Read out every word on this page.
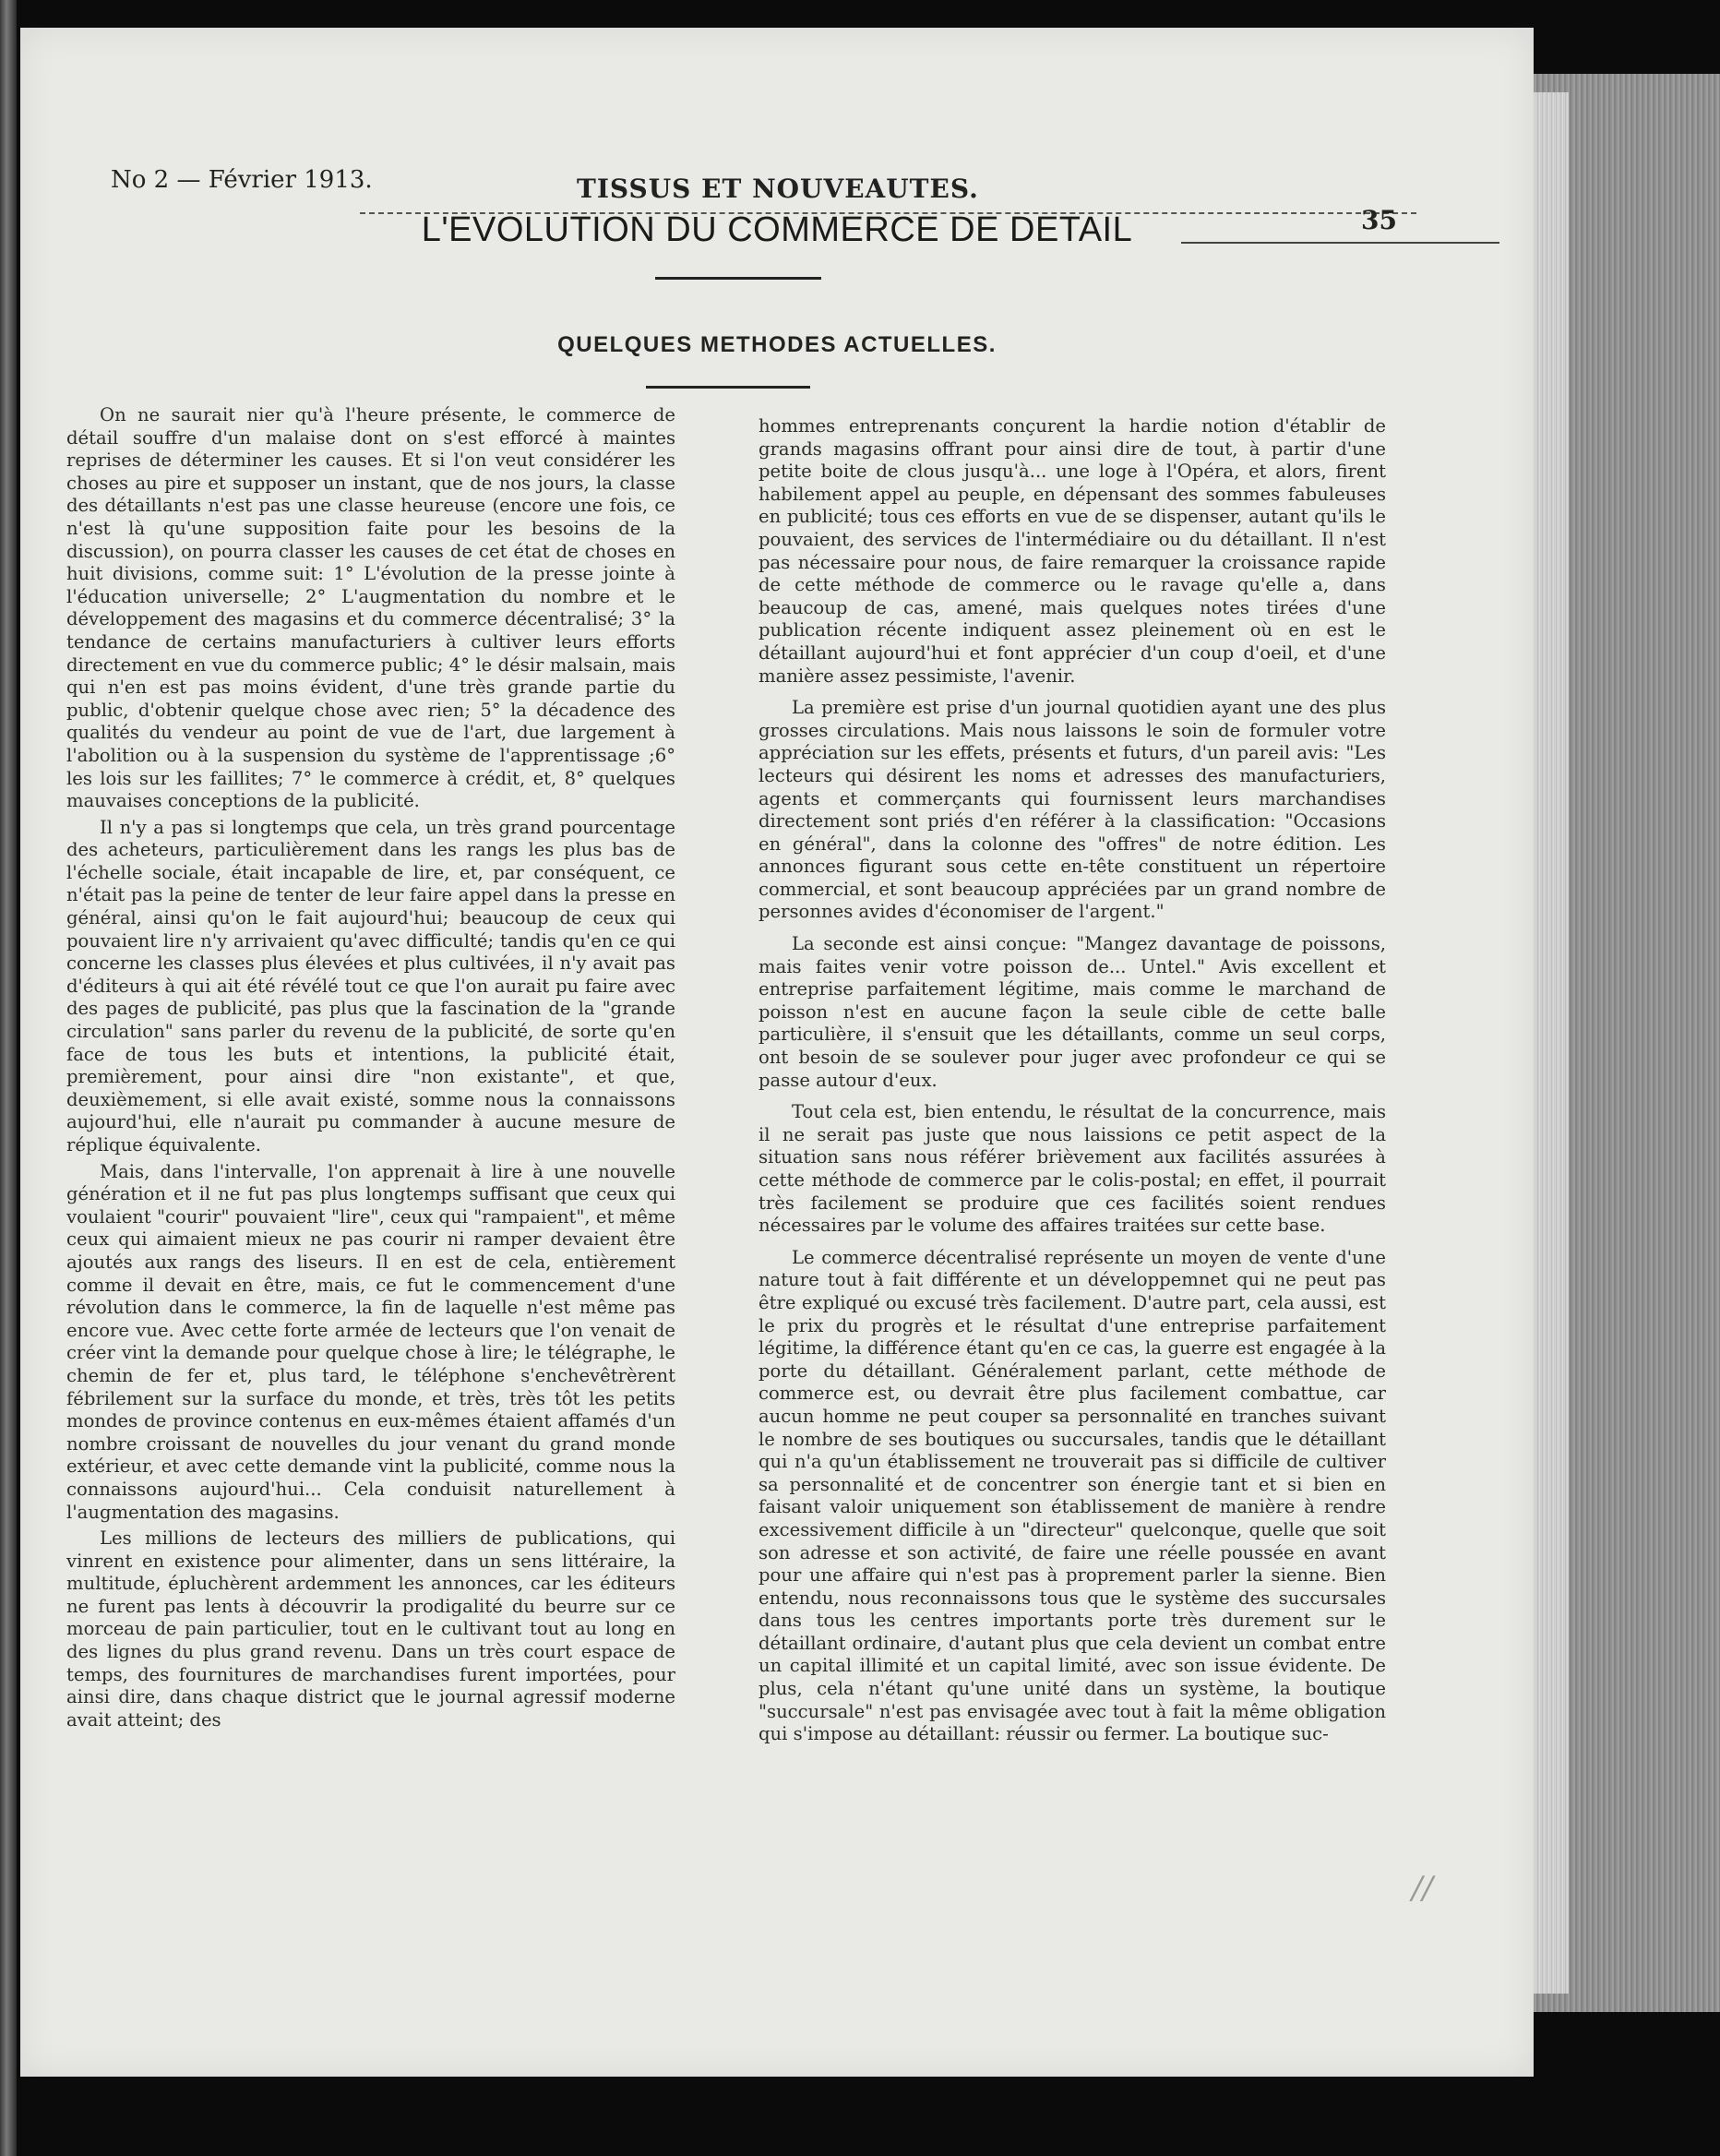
No 2 — Février 1913.	TISSUS ET NOUVEAUTES.
35
L'EVOLUTION DU COMMERCE DE DETAIL
QUELQUES METHODES ACTUELLES.

On ne saurait nier qu'à l'heure présente, le commerce de détail souffre d'un malaise dont on s'est efforcé à maintes reprises de déterminer les causes. Et si l'on veut considérer les choses au pire et supposer un instant, que de nos jours, la classe des détaillants n'est pas une classe heureuse (encore une fois, ce n'est là qu'une supposition faite pour les besoins de la discussion), on pourra classer les causes de cet état de choses en huit divisions, comme suit: 1° L'évolution de la presse jointe à l'éducation universelle; 2° L'augmentation du nombre et le développement des magasins et du commerce décentralisé; 3° la tendance de certains manufacturiers à cultiver leurs efforts directement en vue du commerce public; 4° le désir malsain, mais qui n'en est pas moins évident, d'une très grande partie du public, d'obtenir quelque chose avec rien; 5° la décadence des qualités du vendeur au point de vue de l'art, due largement à l'abolition ou à la suspension du système de l'apprentissage ;6° les lois sur les faillites; 7° le commerce à crédit, et, 8° quelques mauvaises conceptions de la publicité.

Il n'y a pas si longtemps que cela, un très grand pourcentage des acheteurs, particulièrement dans les rangs les plus bas de l'échelle sociale, était incapable de lire, et, par conséquent, ce n'était pas la peine de tenter de leur faire appel dans la presse en général, ainsi qu'on le fait aujourd'hui; beaucoup de ceux qui pouvaient lire n'y arrivaient qu'avec difficulté; tandis qu'en ce qui concerne les classes plus élevées et plus cultivées, il n'y avait pas d'éditeurs à qui ait été révélé tout ce que l'on aurait pu faire avec des pages de publicité, pas plus que la fascination de la "grande circulation" sans parler du revenu de la publicité, de sorte qu'en face de tous les buts et intentions, la publicité était, premièrement, pour ainsi dire "non existante", et que, deuxièmement, si elle avait existé, somme nous la connaissons aujourd'hui, elle n'aurait pu commander à aucune mesure de réplique équivalente.

Mais, dans l'intervalle, l'on apprenait à lire à une nouvelle génération et il ne fut pas plus longtemps suffisant que ceux qui voulaient "courir" pouvaient "lire", ceux qui "rampaient", et même ceux qui aimaient mieux ne pas courir ni ramper devaient être ajoutés aux rangs des liseurs. Il en est de cela, entièrement comme il devait en être, mais, ce fut le commencement d'une révolution dans le commerce, la fin de laquelle n'est même pas encore vue. Avec cette forte armée de lecteurs que l'on venait de créer vint la demande pour quelque chose à lire; le télégraphe, le chemin de fer et, plus tard, le téléphone s'enchevêtrèrent fébrilement sur la surface du monde, et très, très tôt les petits mondes de province contenus en eux-mêmes étaient affamés d'un nombre croissant de nouvelles du jour venant du grand monde extérieur, et avec cette demande vint la publicité, comme nous la connaissons aujourd'hui... Cela conduisit naturellement à l'augmentation des magasins.

Les millions de lecteurs des milliers de publications, qui vinrent en existence pour alimenter, dans un sens littéraire, la multitude, épluchèrent ardemment les annonces, car les éditeurs ne furent pas lents à découvrir la prodigalité du beurre sur ce morceau de pain particulier, tout en le cultivant tout au long en des lignes du plus grand revenu. Dans un très court espace de temps, des fournitures de marchandises furent importées, pour ainsi dire, dans chaque district que le journal agressif moderne avait atteint; des

hommes entreprenants conçurent la hardie notion d'établir de grands magasins offrant pour ainsi dire de tout, à partir d'une petite boite de clous jusqu'à... une loge à l'Opéra, et alors, firent habilement appel au peuple, en dépensant des sommes fabuleuses en publicité; tous ces efforts en vue de se dispenser, autant qu'ils le pouvaient, des services de l'intermédiaire ou du détaillant. Il n'est pas nécessaire pour nous, de faire remarquer la croissance rapide de cette méthode de commerce ou le ravage qu'elle a, dans beaucoup de cas, amené, mais quelques notes tirées d'une publication récente indiquent assez pleinement où en est le détaillant aujourd'hui et font apprécier d'un coup d'oeil, et d'une manière assez pessimiste, l'avenir.

La première est prise d'un journal quotidien ayant une des plus grosses circulations. Mais nous laissons le soin de formuler votre appréciation sur les effets, présents et futurs, d'un pareil avis: "Les lecteurs qui désirent les noms et adresses des manufacturiers, agents et commerçants qui fournissent leurs marchandises directement sont priés d'en référer à la classification: "Occasions en général", dans la colonne des "offres" de notre édition. Les annonces figurant sous cette en-tête constituent un répertoire commercial, et sont beaucoup appréciées par un grand nombre de personnes avides d'économiser de l'argent."

La seconde est ainsi conçue: "Mangez davantage de poissons, mais faites venir votre poisson de... Untel." Avis excellent et entreprise parfaitement légitime, mais comme le marchand de poisson n'est en aucune façon la seule cible de cette balle particulière, il s'ensuit que les détaillants, comme un seul corps, ont besoin de se soulever pour juger avec profondeur ce qui se passe autour d'eux.

Tout cela est, bien entendu, le résultat de la concurrence, mais il ne serait pas juste que nous laissions ce petit aspect de la situation sans nous référer brièvement aux facilités assurées à cette méthode de commerce par le colis-postal; en effet, il pourrait très facilement se produire que ces facilités soient rendues nécessaires par le volume des affaires traitées sur cette base.

Le commerce décentralisé représente un moyen de vente d'une nature tout à fait différente et un développemnet qui ne peut pas être expliqué ou excusé très facilement. D'autre part, cela aussi, est le prix du progrès et le résultat d'une entreprise parfaitement légitime, la différence étant qu'en ce cas, la guerre est engagée à la porte du détaillant. Généralement parlant, cette méthode de commerce est, ou devrait être plus facilement combattue, car aucun homme ne peut couper sa personnalité en tranches suivant le nombre de ses boutiques ou succursales, tandis que le détaillant qui n'a qu'un établissement ne trouverait pas si difficile de cultiver sa personnalité et de concentrer son énergie tant et si bien en faisant valoir uniquement son établissement de manière à rendre excessivement difficile à un "directeur" quelconque, quelle que soit son adresse et son activité, de faire une réelle poussée en avant pour une affaire qui n'est pas à proprement parler la sienne. Bien entendu, nous reconnaissons tous que le système des succursales dans tous les centres importants porte très durement sur le détaillant ordinaire, d'autant plus que cela devient un combat entre un capital illimité et un capital limité, avec son issue évidente. De plus, cela n'étant qu'une unité dans un système, la boutique "succursale" n'est pas envisagée avec tout à fait la même obligation qui s'impose au détaillant: réussir ou fermer. La boutique suc-

//
